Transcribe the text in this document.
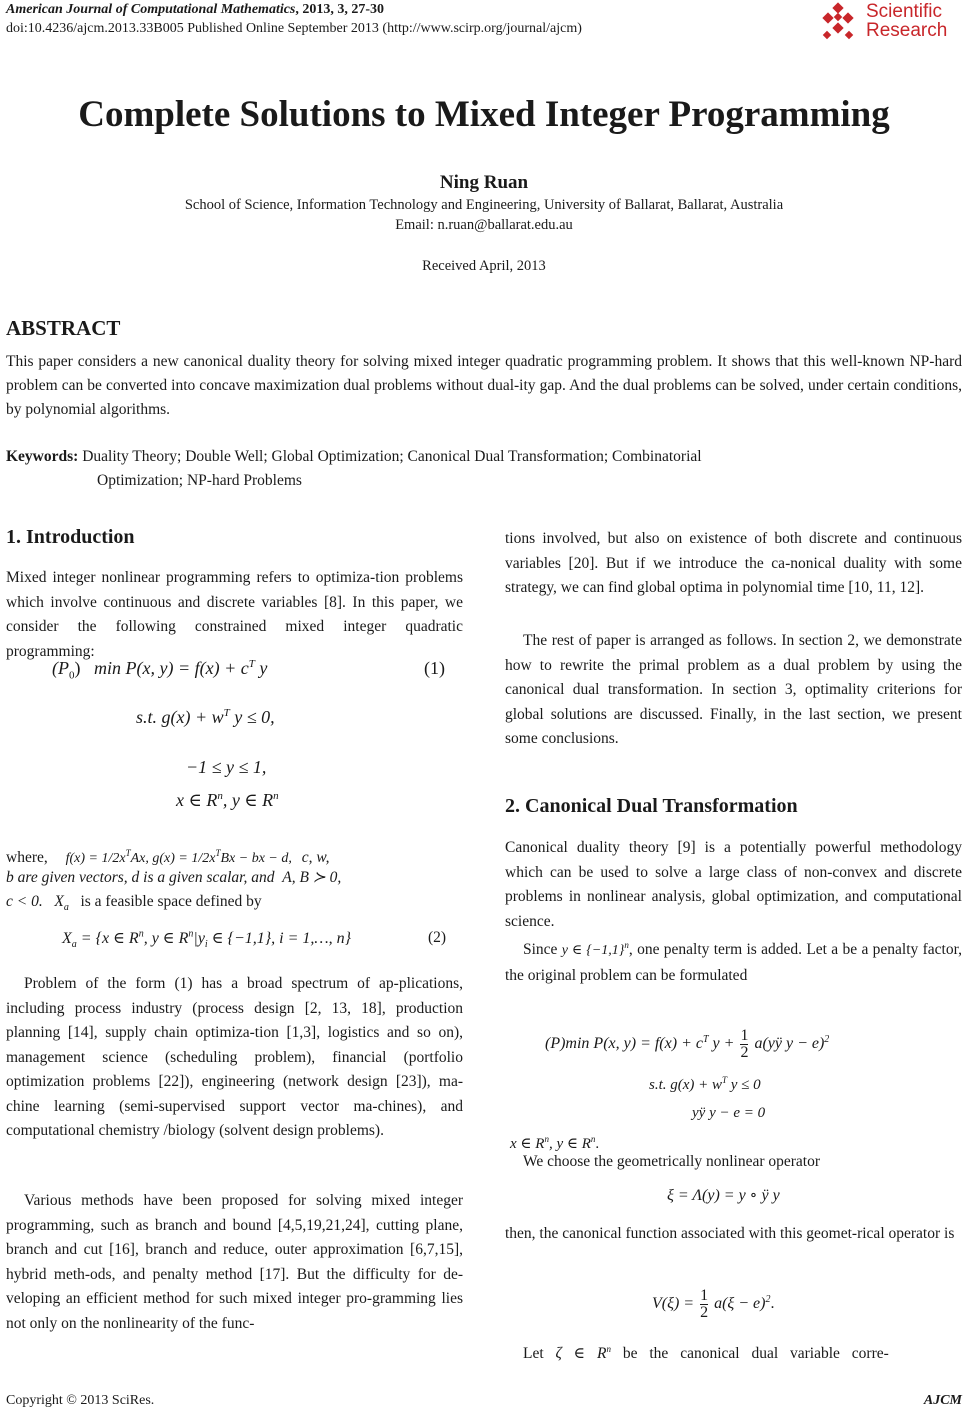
American Journal of Computational Mathematics, 2013, 3, 27-30
doi:10.4236/ajcm.2013.33B005 Published Online September 2013 (http://www.scirp.org/journal/ajcm)
Scientific
Research
Complete Solutions to Mixed Integer Programming
Ning Ruan
School of Science, Information Technology and Engineering, University of Ballarat, Ballarat, Australia
Email: n.ruan@ballarat.edu.au
Received April, 2013
ABSTRACT
This paper considers a new canonical duality theory for solving mixed integer quadratic programming problem. It shows that this well-known NP-hard problem can be converted into concave maximization dual problems without dual-ity gap. And the dual problems can be solved, under certain conditions, by polynomial algorithms.
Keywords: Duality Theory; Double Well; Global Optimization; Canonical Dual Transformation; Combinatorial
Optimization; NP-hard Problems
1. Introduction
Mixed integer nonlinear programming refers to optimiza-tion problems which involve continuous and discrete variables [8]. In this paper, we consider the following constrained mixed integer quadratic programming:
$(P_0)$ min P(x, $y) = f(x) + c^T$ y	(1)
s.t. $g(x) + w^T$ y ≤ 0,
−1 ≤ y ≤ 1,
x ∈ $R^n$, y ∈ $R^n$
where, $f(x) = 1/2x^TAx$, $g(x) = 1/2x^TBx$ − bx − d, c, w,
b are given vectors, d is a given scalar, and A, B ≻ 0,
c < 0. $X_a$ is a feasible space defined by
$X_a = \{x$ ∈ $R^n$, y ∈ $R^n|y_i$ ∈ {−1,1}, i = 1,…, n}	(2)
Problem of the form (1) has a broad spectrum of ap-plications, including process industry (process design [2, 13, 18], production planning [14], supply chain optimiza-tion [1,3], logistics and so on), management science (scheduling problem), financial (portfolio optimization problems [22]), engineering (network design [23]), ma-chine learning (semi-supervised support vector ma-chines), and computational chemistry /biology (solvent design problems).
Various methods have been proposed for solving mixed integer programming, such as branch and bound [4,5,19,21,24], cutting plane, branch and cut [16], branch and reduce, outer approximation [6,7,15], hybrid meth-ods, and penalty method [17]. But the difficulty for de-veloping an efficient method for such mixed integer pro-gramming lies not only on the nonlinearity of the func-
tions involved, but also on existence of both discrete and continuous variables [20]. But if we introduce the ca-nonical duality with some strategy, we can find global optima in polynomial time [10, 11, 12].
The rest of paper is arranged as follows. In section 2, we demonstrate how to rewrite the primal problem as a dual problem by using the canonical dual transformation. In section 3, optimality criterions for global solutions are discussed. Finally, in the last section, we present some conclusions.
2. Canonical Dual Transformation
Canonical duality theory [9] is a potentially powerful methodology which can be used to solve a large class of non-convex and discrete problems in nonlinear analysis, global optimization, and computational science.
Since y ∈ $\{-1,1\}^n$, one penalty term is added. Let a be a penalty factor, the original problem can be formulated
(P)min P(x, $y) = f(x) + c^T$ $y + \frac{1}{2}$ a(yÿ y − e)$^2$
s.t. $g(x) + w^T$ y ≤ 0
yÿ y − e = 0
x ∈ $R^n$, y ∈ $R^n$.
We choose the geometrically nonlinear operator
ξ = Λ(y) = y ∘ ÿ y
then, the canonical function associated with this geomet-rical operator is
$V(\xi) = \frac{1}{2} a(\xi - e)^2$.
Let ζ ∈ $R^n$ be the canonical dual variable corre-
Copyright © 2013 SciRes.	AJCM
